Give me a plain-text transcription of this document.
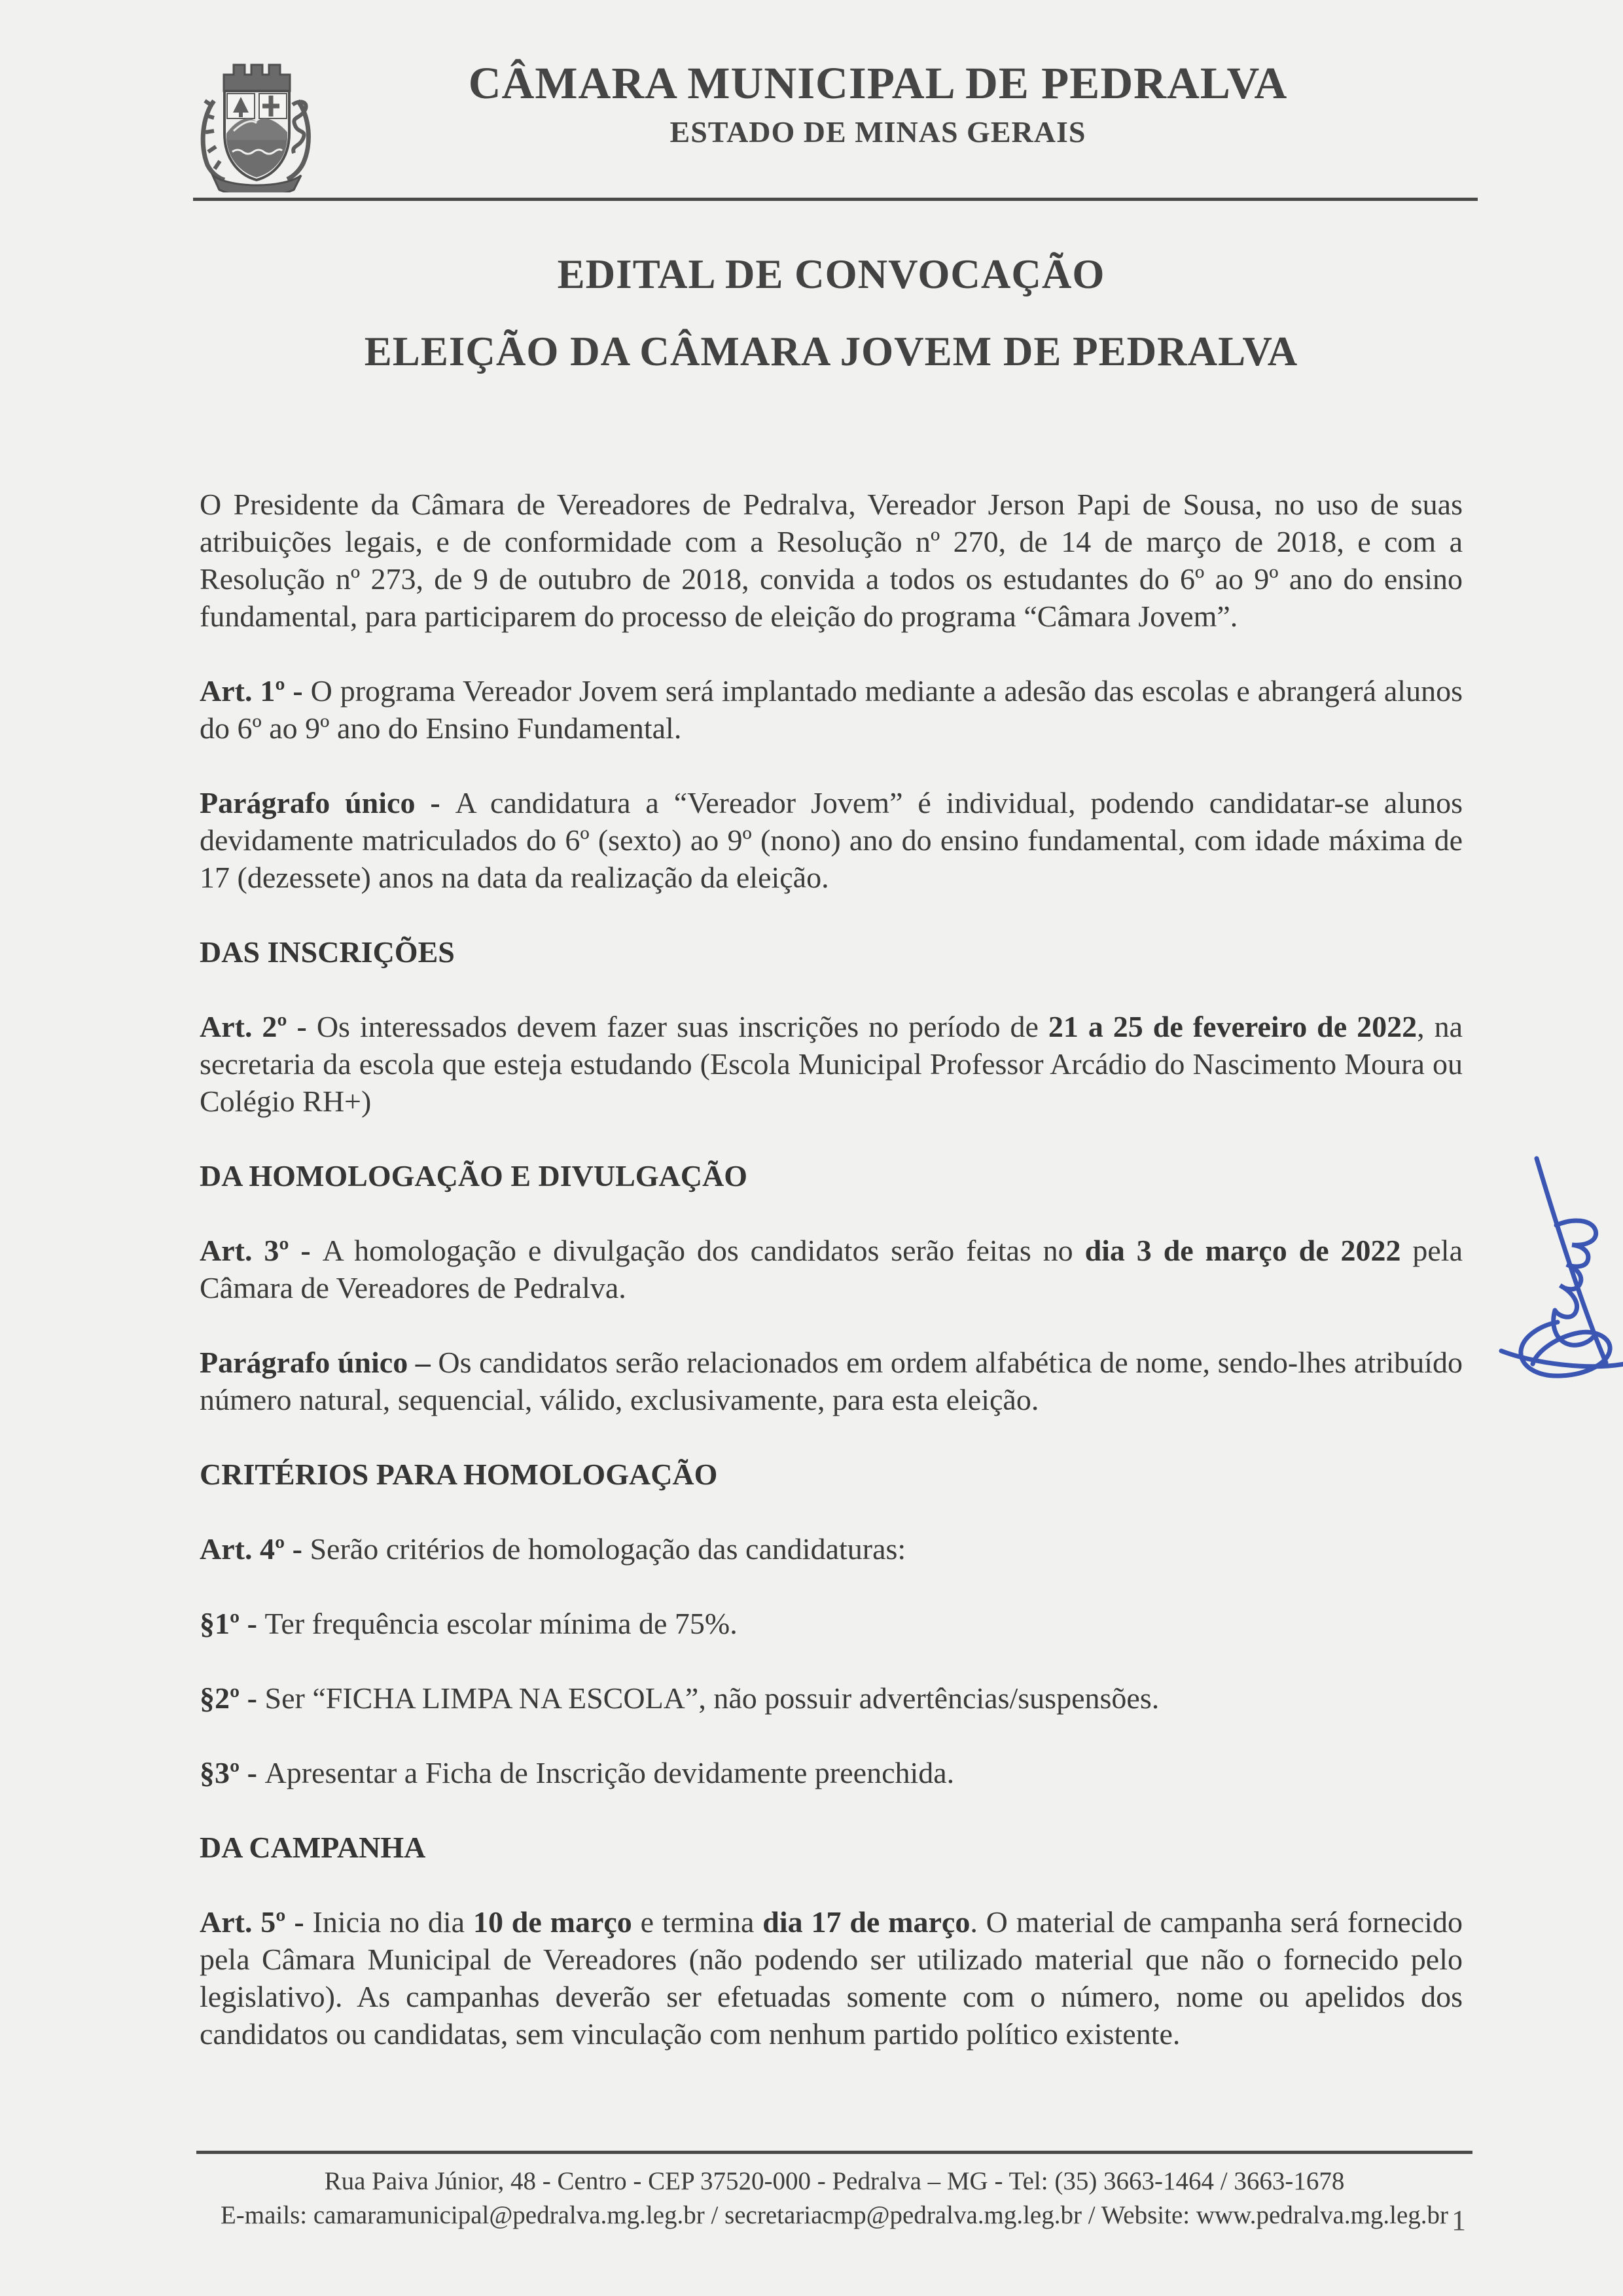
CÂMARA MUNICIPAL DE PEDRALVA
ESTADO DE MINAS GERAIS
EDITAL DE CONVOCAÇÃO
ELEIÇÃO DA CÂMARA JOVEM DE PEDRALVA

O Presidente da Câmara de Vereadores de Pedralva, Vereador Jerson Papi de Sousa, no uso de suas atribuições legais, e de conformidade com a Resolução nº 270, de 14 de março de 2018, e com a Resolução nº 273, de 9 de outubro de 2018, convida a todos os estudantes do 6º ao 9º ano do ensino fundamental, para participarem do processo de eleição do programa “Câmara Jovem”.

Art. 1º - O programa Vereador Jovem será implantado mediante a adesão das escolas e abrangerá alunos do 6º ao 9º ano do Ensino Fundamental.

Parágrafo único - A candidatura a “Vereador Jovem” é individual, podendo candidatar-se alunos devidamente matriculados do 6º (sexto) ao 9º (nono) ano do ensino fundamental, com idade máxima de 17 (dezessete) anos na data da realização da eleição.

DAS INSCRIÇÕES

Art. 2º - Os interessados devem fazer suas inscrições no período de 21 a 25 de fevereiro de 2022, na secretaria da escola que esteja estudando (Escola Municipal Professor Arcádio do Nascimento Moura ou Colégio RH+)

DA HOMOLOGAÇÃO E DIVULGAÇÃO

Art. 3º - A homologação e divulgação dos candidatos serão feitas no dia 3 de março de 2022 pela Câmara de Vereadores de Pedralva.

Parágrafo único – Os candidatos serão relacionados em ordem alfabética de nome, sendo-lhes atribuído número natural, sequencial, válido, exclusivamente, para esta eleição.

CRITÉRIOS PARA HOMOLOGAÇÃO

Art. 4º - Serão critérios de homologação das candidaturas:

§1º - Ter frequência escolar mínima de 75%.

§2º - Ser “FICHA LIMPA NA ESCOLA”, não possuir advertências/suspensões.

§3º - Apresentar a Ficha de Inscrição devidamente preenchida.

DA CAMPANHA

Art. 5º - Inicia no dia 10 de março e termina dia 17 de março. O material de campanha será fornecido pela Câmara Municipal de Vereadores (não podendo ser utilizado material que não o fornecido pelo legislativo). As campanhas deverão ser efetuadas somente com o número, nome ou apelidos dos candidatos ou candidatas, sem vinculação com nenhum partido político existente.

Rua Paiva Júnior, 48 - Centro - CEP 37520-000 - Pedralva – MG - Tel: (35) 3663-1464 / 3663-1678
E-mails: camaramunicipal@pedralva.mg.leg.br / secretariacmp@pedralva.mg.leg.br / Website: www.pedralva.mg.leg.br 1
